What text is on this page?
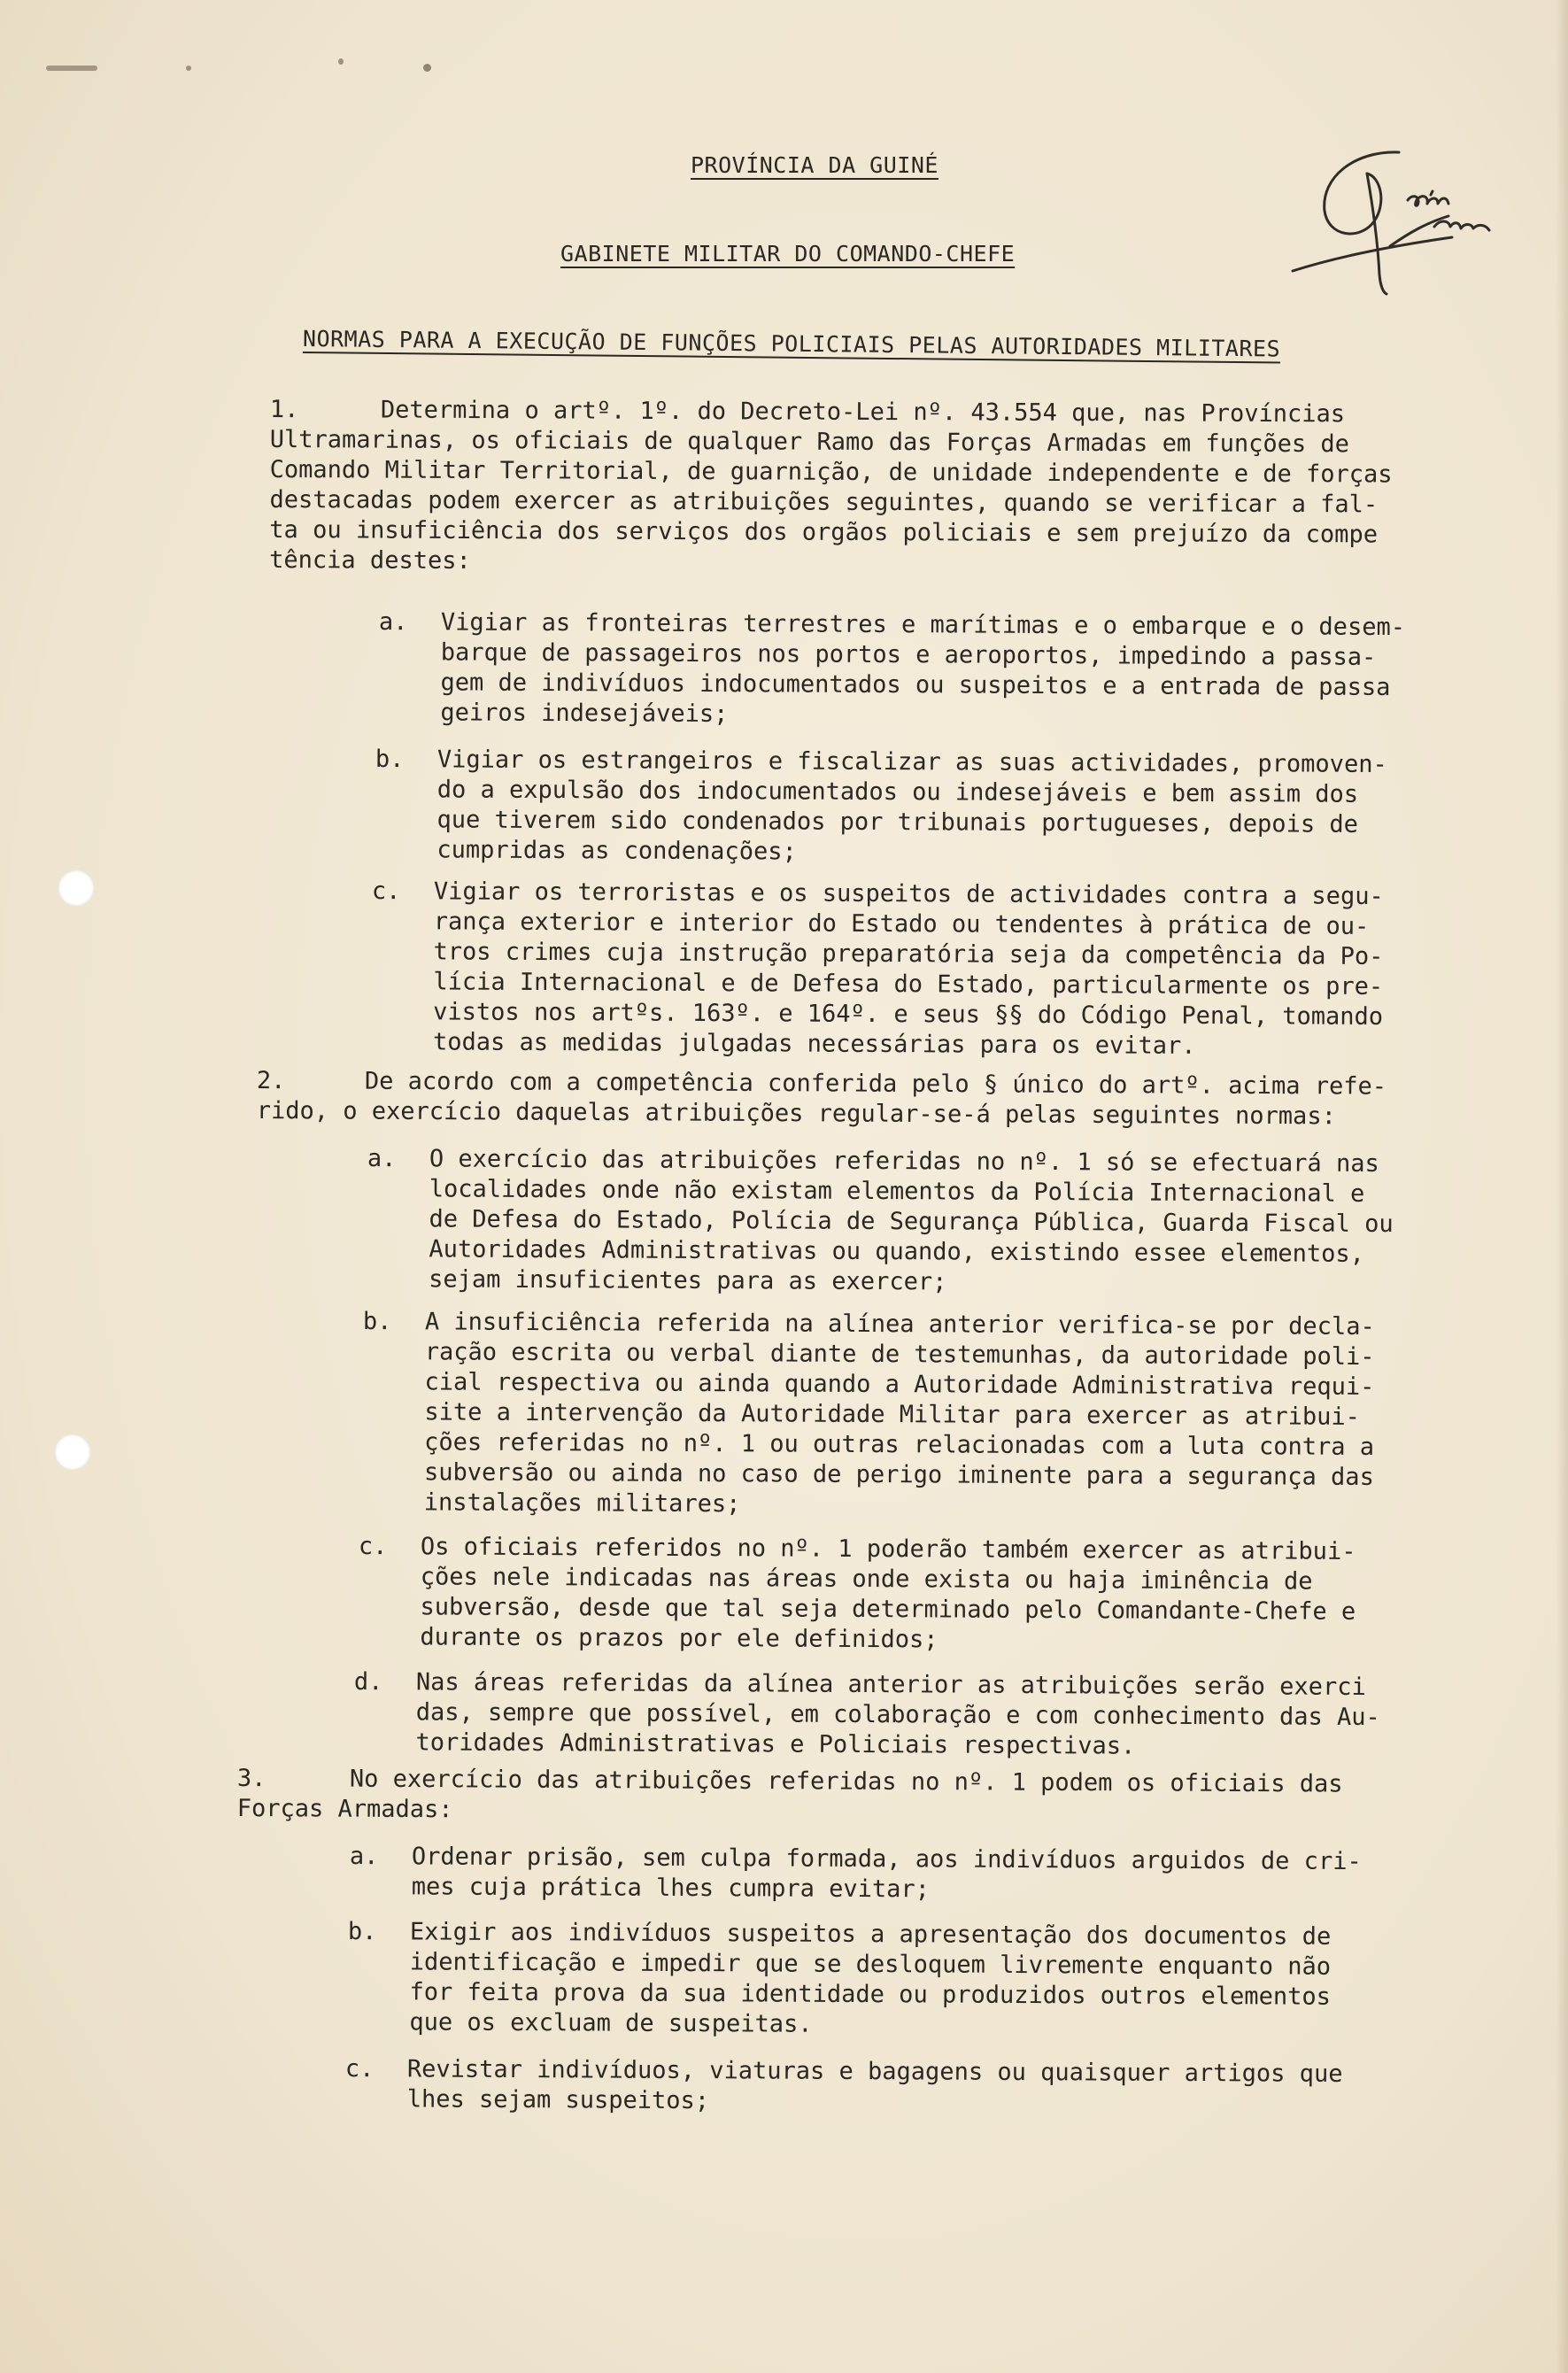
PROVÍNCIA DA GUINÉ
GABINETE MILITAR DO COMANDO-CHEFE
NORMAS PARA A EXECUÇÃO DE FUNÇÕES POLICIAIS PELAS AUTORIDADES MILITARES
1.	Determina o artº. 1º. do Decreto-Lei nº. 43.554 que, nas Províncias
Ultramarinas, os oficiais de qualquer Ramo das Forças Armadas em funções de
Comando Militar Territorial, de guarnição, de unidade independente e de forças
destacadas podem exercer as atribuições seguintes, quando se verificar a fal-
ta ou insuficiência dos serviços dos orgãos policiais e sem prejuízo da compe
tência destes:
a. Vigiar as fronteiras terrestres e marítimas e o embarque e o desem-
barque de passageiros nos portos e aeroportos, impedindo a passa-
gem de indivíduos indocumentados ou suspeitos e a entrada de passa
geiros indesejáveis;
b. Vigiar os estrangeiros e fiscalizar as suas actividades, promoven-
do a expulsão dos indocumentados ou indesejáveis e bem assim dos
que tiverem sido condenados por tribunais portugueses, depois de
cumpridas as condenações;
c. Vigiar os terroristas e os suspeitos de actividades contra a segu-
rança exterior e interior do Estado ou tendentes à prática de ou-
tros crimes cuja instrução preparatória seja da competência da Po-
lícia Internacional e de Defesa do Estado, particularmente os pre-
vistos nos artºs. 163º. e 164º. e seus §§ do Código Penal, tomando
todas as medidas julgadas necessárias para os evitar.
2.	De acordo com a competência conferida pelo § único do artº. acima refe-
rido, o exercício daquelas atribuições regular-se-á pelas seguintes normas:
a. O exercício das atribuições referidas no nº. 1 só se efectuará nas
localidades onde não existam elementos da Polícia Internacional e
de Defesa do Estado, Polícia de Segurança Pública, Guarda Fiscal ou
Autoridades Administrativas ou quando, existindo essee elementos,
sejam insuficientes para as exercer;
b. A insuficiência referida na alínea anterior verifica-se por decla-
ração escrita ou verbal diante de testemunhas, da autoridade poli-
cial respectiva ou ainda quando a Autoridade Administrativa requi-
site a intervenção da Autoridade Militar para exercer as atribui-
ções referidas no nº. 1 ou outras relacionadas com a luta contra a
subversão ou ainda no caso de perigo iminente para a segurança das
instalações militares;
c. Os oficiais referidos no nº. 1 poderão também exercer as atribui-
ções nele indicadas nas áreas onde exista ou haja iminência de
subversão, desde que tal seja determinado pelo Comandante-Chefe e
durante os prazos por ele definidos;
d. Nas áreas referidas da alínea anterior as atribuições serão exerci
das, sempre que possível, em colaboração e com conhecimento das Au-
toridades Administrativas e Policiais respectivas.
3.	No exercício das atribuições referidas no nº. 1 podem os oficiais das
Forças Armadas:
a. Ordenar prisão, sem culpa formada, aos indivíduos arguidos de cri-
mes cuja prática lhes cumpra evitar;
b. Exigir aos indivíduos suspeitos a apresentação dos documentos de
identificação e impedir que se desloquem livremente enquanto não
for feita prova da sua identidade ou produzidos outros elementos
que os excluam de suspeitas.
c. Revistar indivíduos, viaturas e bagagens ou quaisquer artigos que
lhes sejam suspeitos;
